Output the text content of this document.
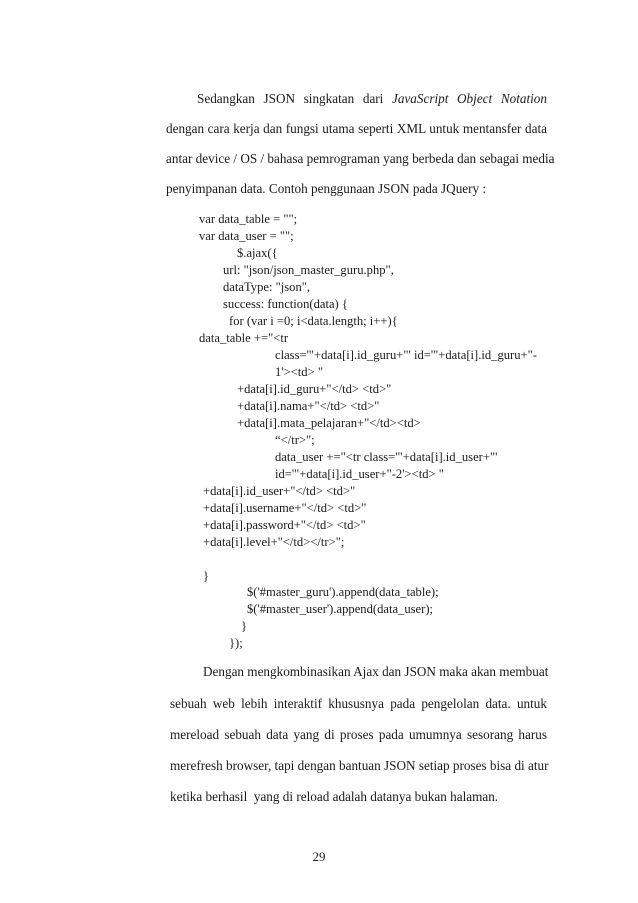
Sedangkan JSON singkatan dari JavaScript Object Notation
dengan cara kerja dan fungsi utama seperti XML untuk mentansfer data
antar device / OS / bahasa pemrograman yang berbeda dan sebagai media
penyimpanan data. Contoh penggunaan JSON pada JQuery :
var data_table = "";
var data_user = "";
$.ajax({
url: "json/json_master_guru.php",
dataType: "json",
success: function(data) {
for (var i =0; i<data.length; i++){
data_table +="<tr
class='"+data[i].id_guru+"' id='"+data[i].id_guru+"-
1'><td> "
+data[i].id_guru+"</td> <td>"
+data[i].nama+"</td> <td>"
+data[i].mata_pelajaran+"</td><td>
“</tr>";
data_user +="<tr class='"+data[i].id_user+"'
id='"+data[i].id_user+"-2'><td> "
+data[i].id_user+"</td> <td>"
+data[i].username+"</td> <td>"
+data[i].password+"</td> <td>"
+data[i].level+"</td></tr>";
}
$('#master_guru').append(data_table);
$('#master_user').append(data_user);
}
});
Dengan mengkombinasikan Ajax dan JSON maka akan membuat
sebuah web lebih interaktif khususnya pada pengelolan data. untuk
mereload sebuah data yang di proses pada umumnya sesorang harus
merefresh browser, tapi dengan bantuan JSON setiap proses bisa di atur
ketika berhasil  yang di reload adalah datanya bukan halaman.
29
